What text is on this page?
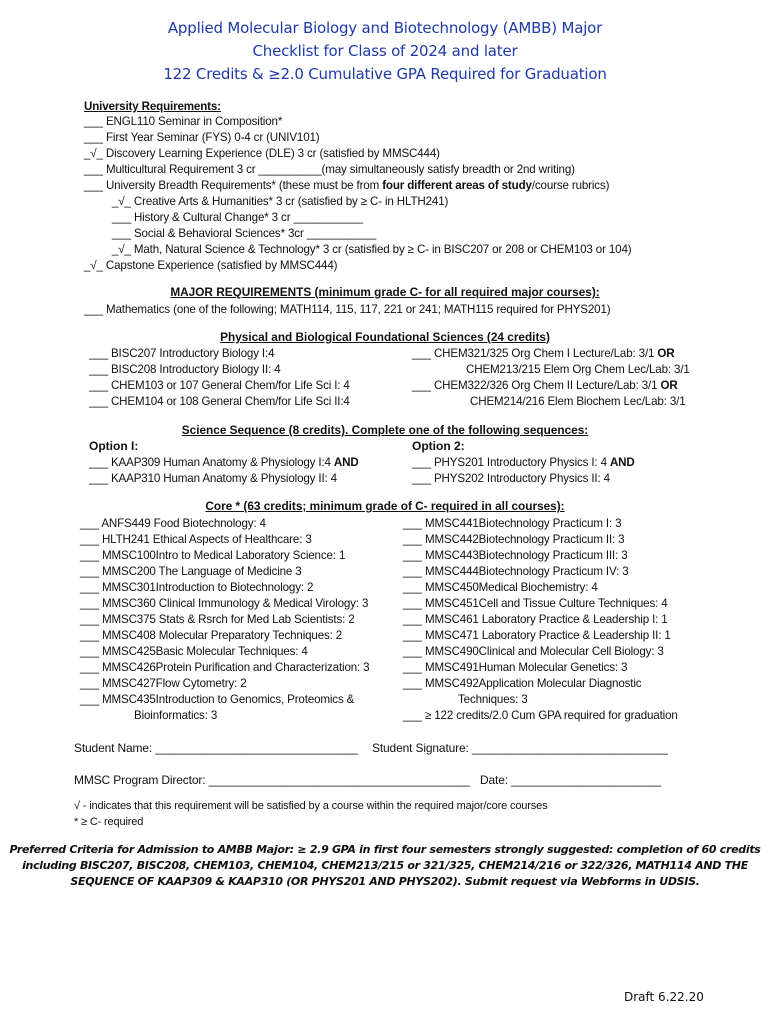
Applied Molecular Biology and Biotechnology (AMBB) Major
Checklist for Class of 2024 and later
122 Credits & ≥2.0 Cumulative GPA Required for Graduation
University Requirements:
___ ENGL110 Seminar in Composition*
___ First Year Seminar (FYS) 0-4 cr (UNIV101)
_√_ Discovery Learning Experience (DLE) 3 cr (satisfied by MMSC444)
___ Multicultural Requirement 3 cr __________(may simultaneously satisfy breadth or 2nd writing)
___ University Breadth Requirements* (these must be from four different areas of study/course rubrics)
_√_ Creative Arts & Humanities* 3 cr (satisfied by ≥ C- in HLTH241)
___ History & Cultural Change* 3 cr ___________
___ Social & Behavioral Sciences* 3cr ___________
_√_ Math, Natural Science & Technology* 3 cr (satisfied by ≥ C- in BISC207 or 208 or CHEM103 or 104)
_√_ Capstone Experience (satisfied by MMSC444)
MAJOR REQUIREMENTS (minimum grade C- for all required major courses):
___ Mathematics (one of the following; MATH114, 115, 117, 221 or 241; MATH115 required for PHYS201)
Physical and Biological Foundational Sciences (24 credits)
___ BISC207 Introductory Biology I:4
___ BISC208 Introductory Biology II: 4
___ CHEM103 or 107 General Chem/for Life Sci I: 4
___ CHEM104 or 108 General Chem/for Life Sci II:4
___ CHEM321/325 Org Chem I Lecture/Lab: 3/1 OR
CHEM213/215 Elem Org Chem Lec/Lab: 3/1
___ CHEM322/326 Org Chem II Lecture/Lab: 3/1 OR
CHEM214/216 Elem Biochem Lec/Lab: 3/1
Science Sequence (8 credits). Complete one of the following sequences:
Option I:
___ KAAP309 Human Anatomy & Physiology I:4 AND
___ KAAP310 Human Anatomy & Physiology II: 4
Option 2:
___ PHYS201 Introductory Physics I: 4 AND
___ PHYS202 Introductory Physics II: 4
Core * (63 credits; minimum grade of C- required in all courses):
Bioinformatics: 3
Techniques: 3
___ ≥ 122 credits/2.0 Cum GPA required for graduation
Student Name: _______________________________ Student Signature: ______________________________
MMSC Program Director: ________________________________________ Date: _______________________
√ - indicates that this requirement will be satisfied by a course within the required major/core courses
* ≥ C- required
Preferred Criteria for Admission to AMBB Major: ≥ 2.9 GPA in first four semesters strongly suggested: completion of 60 credits
including BISC207, BISC208, CHEM103, CHEM104, CHEM213/215 or 321/325, CHEM214/216 or 322/326, MATH114 AND THE
SEQUENCE OF KAAP309 & KAAP310 (OR PHYS201 AND PHYS202). Submit request via Webforms in UDSIS.
Draft 6.22.20
___ ANFS449 Food Biotechnology: 4
___ HLTH241 Ethical Aspects of Healthcare: 3
___ MMSC100Intro to Medical Laboratory Science: 1
___ MMSC200 The Language of Medicine 3
___ MMSC301Introduction to Biotechnology: 2
___ MMSC360 Clinical Immunology & Medical Virology: 3
___ MMSC375 Stats & Rsrch for Med Lab Scientists: 2
___ MMSC408 Molecular Preparatory Techniques: 2
___ MMSC425Basic Molecular Techniques: 4
___ MMSC426Protein Purification and Characterization: 3
___ MMSC427Flow Cytometry: 2
___ MMSC435Introduction to Genomics, Proteomics &
___ MMSC441Biotechnology Practicum I: 3
___ MMSC442Biotechnology Practicum II: 3
___ MMSC443Biotechnology Practicum III: 3
___ MMSC444Biotechnology Practicum IV: 3
___ MMSC450Medical Biochemistry: 4
___ MMSC451Cell and Tissue Culture Techniques: 4
___ MMSC461 Laboratory Practice & Leadership I: 1
___ MMSC471 Laboratory Practice & Leadership II: 1
___ MMSC490Clinical and Molecular Cell Biology: 3
___ MMSC491Human Molecular Genetics: 3
___ MMSC492Application Molecular Diagnostic
